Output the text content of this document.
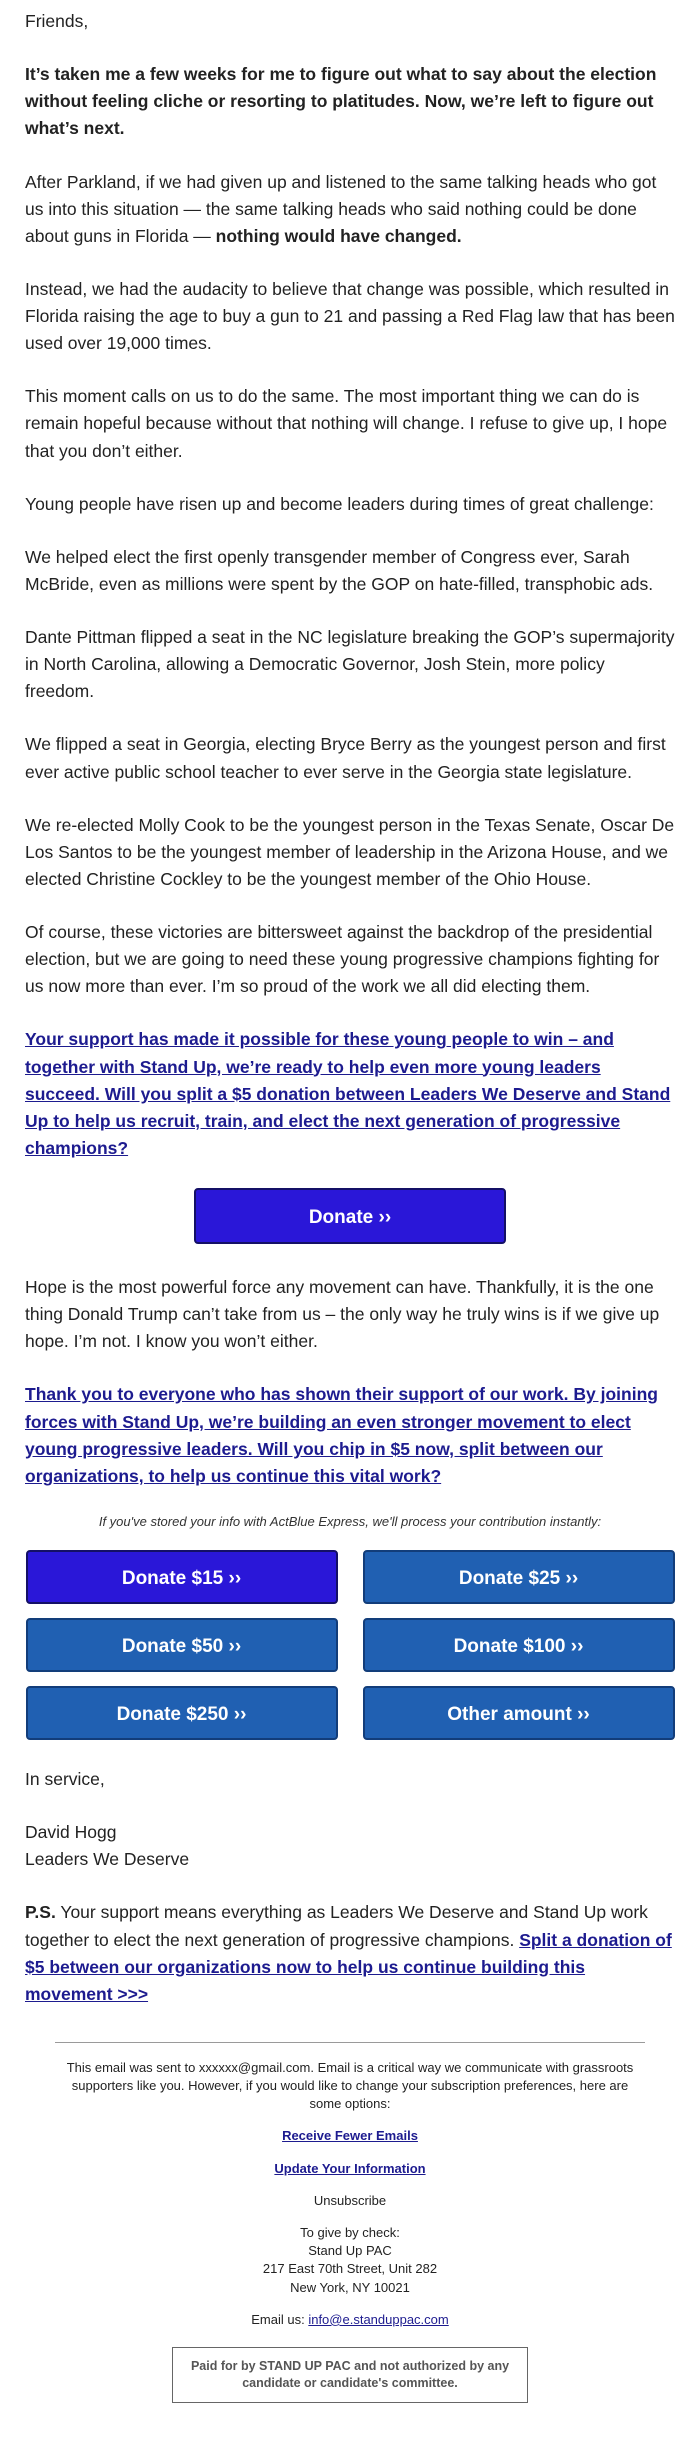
Friends,

It’s taken me a few weeks for me to figure out what to say about the election without feeling cliche or resorting to platitudes. Now, we’re left to figure out what’s next.

After Parkland, if we had given up and listened to the same talking heads who got us into this situation — the same talking heads who said nothing could be done about guns in Florida — nothing would have changed.

Instead, we had the audacity to believe that change was possible, which resulted in Florida raising the age to buy a gun to 21 and passing a Red Flag law that has been used over 19,000 times.

This moment calls on us to do the same. The most important thing we can do is remain hopeful because without that nothing will change. I refuse to give up, I hope that you don’t either.

Young people have risen up and become leaders during times of great challenge:

We helped elect the first openly transgender member of Congress ever, Sarah McBride, even as millions were spent by the GOP on hate-filled, transphobic ads.

Dante Pittman flipped a seat in the NC legislature breaking the GOP’s supermajority in North Carolina, allowing a Democratic Governor, Josh Stein, more policy freedom.

We flipped a seat in Georgia, electing Bryce Berry as the youngest person and first ever active public school teacher to ever serve in the Georgia state legislature.

We re-elected Molly Cook to be the youngest person in the Texas Senate, Oscar De Los Santos to be the youngest member of leadership in the Arizona House, and we elected Christine Cockley to be the youngest member of the Ohio House.

Of course, these victories are bittersweet against the backdrop of the presidential election, but we are going to need these young progressive champions fighting for us now more than ever. I’m so proud of the work we all did electing them.

Your support has made it possible for these young people to win – and together with Stand Up, we’re ready to help even more young leaders succeed. Will you split a $5 donation between Leaders We Deserve and Stand Up to help us recruit, train, and elect the next generation of progressive champions?

Donate ››

Hope is the most powerful force any movement can have. Thankfully, it is the one thing Donald Trump can’t take from us – the only way he truly wins is if we give up hope. I’m not. I know you won’t either.

Thank you to everyone who has shown their support of our work. By joining forces with Stand Up, we’re building an even stronger movement to elect young progressive leaders. Will you chip in $5 now, split between our organizations, to help us continue this vital work?

If you've stored your info with ActBlue Express, we'll process your contribution instantly:

Donate $15 ››	Donate $25 ››
Donate $50 ››	Donate $100 ››
Donate $250 ››	Other amount ››

In service,

David Hogg
Leaders We Deserve

P.S. Your support means everything as Leaders We Deserve and Stand Up work together to elect the next generation of progressive champions. Split a donation of $5 between our organizations now to help us continue building this movement >>>

This email was sent to xxxxxx@gmail.com. Email is a critical way we communicate with grassroots supporters like you. However, if you would like to change your subscription preferences, here are some options:

Receive Fewer Emails

Update Your Information

Unsubscribe

To give by check:
Stand Up PAC
217 East 70th Street, Unit 282
New York, NY 10021

Email us: info@e.standuppac.com

Paid for by STAND UP PAC and not authorized by any candidate or candidate's committee.
